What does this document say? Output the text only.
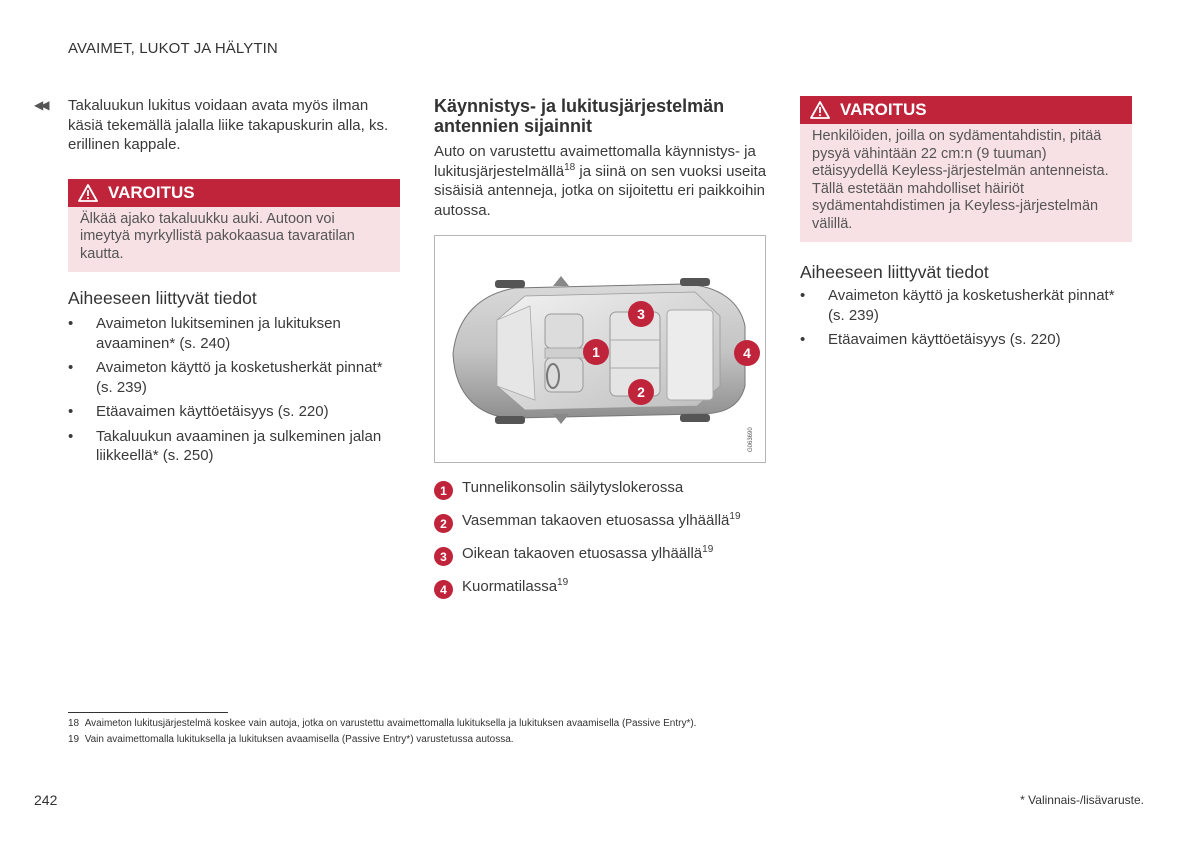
AVAIMET, LUKOT JA HÄLYTIN
◀◀	Takaluukun lukitus voidaan avata myös ilman käsiä tekemällä jalalla liike takapuskurin alla, ks. erillinen kappale.
VAROITUS
Älkää ajako takaluukku auki. Autoon voi imeytyä myrkyllistä pakokaasua tavaratilan kautta.
Aiheeseen liittyvät tiedot
• Avaimeton lukitseminen ja lukituksen avaaminen* (s. 240)
• Avaimeton käyttö ja kosketusherkät pinnat* (s. 239)
• Etäavaimen käyttöetäisyys (s. 220)
• Takaluukun avaaminen ja sulkeminen jalan liikkeellä* (s. 250)
Käynnistys- ja lukitusjärjestelmän antennien sijainnit
Auto on varustettu avaimettomalla käynnistys- ja lukitusjärjestelmällä$^{18}$ ja siinä on sen vuoksi useita sisäisiä antenneja, jotka on sijoitettu eri paikkoihin autossa.
1
2
3
4
G063690
1	Tunnelikonsolin säilytyslokerossa
2	Vasemman takaoven etuosassa ylhäällä$^{19}$
3	Oikean takaoven etuosassa ylhäällä$^{19}$
4	Kuormatilassa$^{19}$
VAROITUS
Henkilöiden, joilla on sydämentahdistin, pitää pysyä vähintään 22 cm:n (9 tuuman) etäisyydellä Keyless-järjestelmän antenneista. Tällä estetään mahdolliset häiriöt sydämentahdistimen ja Keyless-järjestelmän välillä.
Aiheeseen liittyvät tiedot
• Avaimeton käyttö ja kosketusherkät pinnat* (s. 239)
• Etäavaimen käyttöetäisyys (s. 220)
18 Avaimeton lukitusjärjestelmä koskee vain autoja, jotka on varustettu avaimettomalla lukituksella ja lukituksen avaamisella (Passive Entry*).
19 Vain avaimettomalla lukituksella ja lukituksen avaamisella (Passive Entry*) varustetussa autossa.
242	* Valinnais-/lisävaruste.
